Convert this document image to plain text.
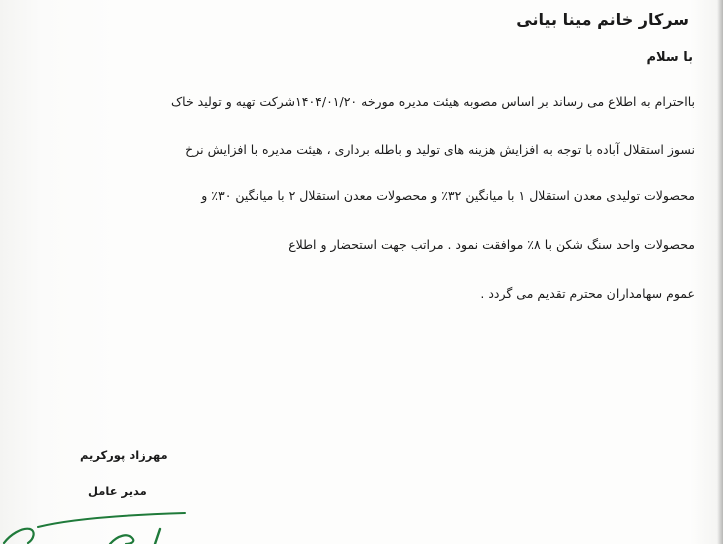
سرکار خانم مینا بیانی
با سلام
بااحترام به اطلاع می رساند بر اساس مصوبه هیئت مدیره مورخه ۱۴۰۴/۰۱/۲۰شرکت تهیه و تولید خاک
نسوز استقلال آباده با توجه به افزایش هزینه های تولید و باطله برداری ، هیئت مدیره با افزایش نرخ
محصولات تولیدی معدن استقلال ۱ با میانگین ۳۲٪ و محصولات معدن استقلال ۲ با میانگین ۳۰٪ و
محصولات واحد سنگ شکن با ۸٪ موافقت نمود . مراتب جهت استحضار و اطلاع
عموم سهامداران محترم تقدیم می گردد .
مهرزاد پورکریم
مدیر عامل
